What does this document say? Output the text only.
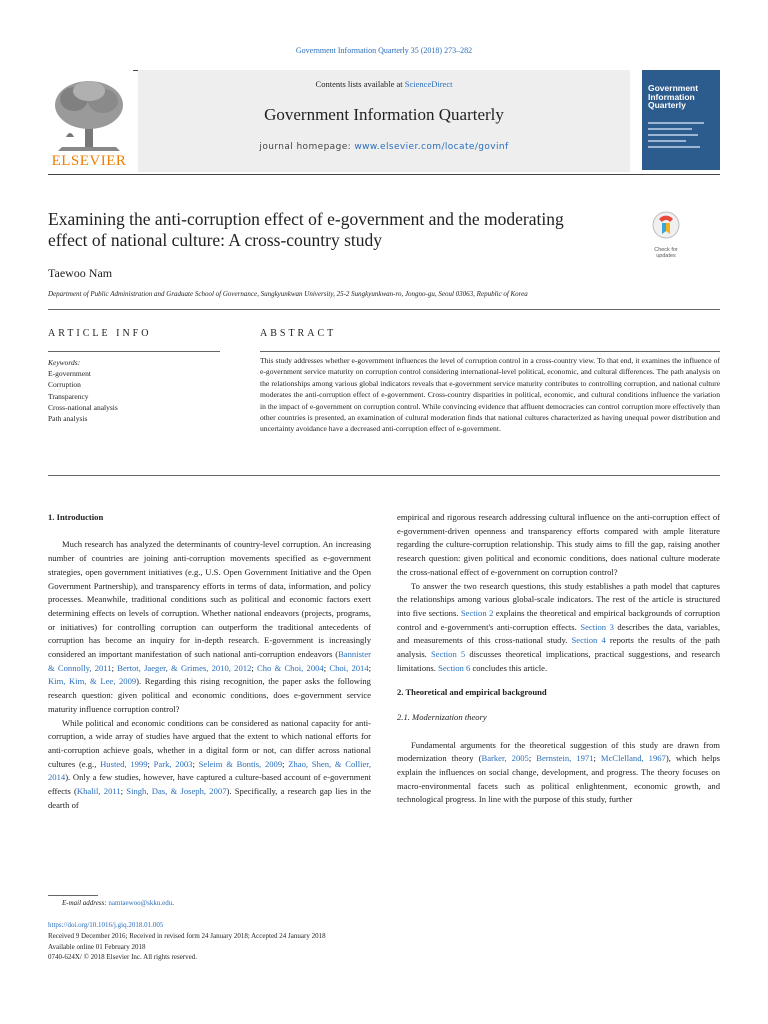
Government Information Quarterly 35 (2018) 273–282
ELSEVIER
Contents lists available at ScienceDirect
Government Information Quarterly
journal homepage: www.elsevier.com/locate/govinf
Government
Information
Quarterly
Examining the anti-corruption effect of e-government and the moderating
effect of national culture: A cross-country study	Check for
updates
Taewoo Nam
Department of Public Administration and Graduate School of Governance, Sungkyunkwan University, 25-2 Sungkyunkwan-ro, Jongno-gu, Seoul 03063, Republic of Korea
ARTICLE INFO	ABSTRACT
Keywords:
E-government
Corruption
Transparency
Cross-national analysis
Path analysis
This study addresses whether e-government influences the level of corruption control in a cross-country view. To that end, it examines the influence of e-government service maturity on corruption control considering international-level political, economic, and cultural differences. The path analysis on the relationships among various global indicators reveals that e-government service maturity contributes to controlling corruption, and national culture moderates the anti-corruption effect of e-government. Cross-country disparities in political, economic, and cultural conditions influence the variation in the impact of e-government on corruption control. While convincing evidence that affluent democracies can control corruption more effectively than other countries is presented, an examination of cultural moderation finds that national cultures characterized as having unequal power distribution and uncertainty avoidance have a decreased anti-corruption effect of e-government.
1. Introduction

Much research has analyzed the determinants of country-level corruption. An increasing number of countries are joining anti-corruption movements specified as e-government strategies, open government initiatives (e.g., U.S. Open Government Initiative and the Open Government Partnership), and transparency efforts in terms of data, information, and policy processes. Meanwhile, traditional conditions such as political and economic factors exert determining effects on levels of corruption. Whether national endeavors (projects, programs, or initiatives) for controlling corruption can outperform the traditional antecedents of corruption has become an inquiry for in-depth research. E-government is increasingly considered an important manifestation of such national anti-corruption endeavors (Bannister & Connolly, 2011; Bertot, Jaeger, & Grimes, 2010, 2012; Cho & Choi, 2004; Choi, 2014; Kim, Kim, & Lee, 2009). Regarding this rising recognition, the paper asks the following research question: given political and economic conditions, does e-government service maturity influence corruption control?

While political and economic conditions can be considered as national capacity for anti-corruption, a wide array of studies have argued that the extent to which national efforts for anti-corruption achieve goals, whether in a digital form or not, can differ across national cultures (e.g., Husted, 1999; Park, 2003; Seleim & Bontis, 2009; Zhao, Shen, & Collier, 2014). Only a few studies, however, have captured a culture-based account of e-government effects (Khalil, 2011; Singh, Das, & Joseph, 2007). Specifically, a research gap lies in the dearth of

empirical and rigorous research addressing cultural influence on the anti-corruption effect of e-government-driven openness and transparency efforts compared with ample literature regarding the culture-corruption relationship. This study aims to fill the gap, raising another research question: given political and economic conditions, does national culture moderate the cross-national effect of e-government on corruption control?

To answer the two research questions, this study establishes a path model that captures the relationships among various global-scale indicators. The rest of the article is structured into five sections. Section 2 explains the theoretical and empirical backgrounds of corruption control and e-government's anti-corruption effects. Section 3 describes the data, variables, and measurements of this cross-national study. Section 4 reports the results of the path analysis. Section 5 discusses theoretical implications, practical suggestions, and research limitations. Section 6 concludes this article.

2. Theoretical and empirical background
2.1. Modernization theory

Fundamental arguments for the theoretical suggestion of this study are drawn from modernization theory (Barker, 2005; Bernstein, 1971; McClelland, 1967), which helps explain the influences on social change, development, and progress. The theory focuses on macro-environmental facets such as political enlightenment, economic growth, and technological progress. In line with the purpose of this study, further

E-mail address: namtaewoo@skku.edu.
https://doi.org/10.1016/j.giq.2018.01.005
Received 9 December 2016; Received in revised form 24 January 2018; Accepted 24 January 2018
Available online 01 February 2018
0740-624X/ © 2018 Elsevier Inc. All rights reserved.
